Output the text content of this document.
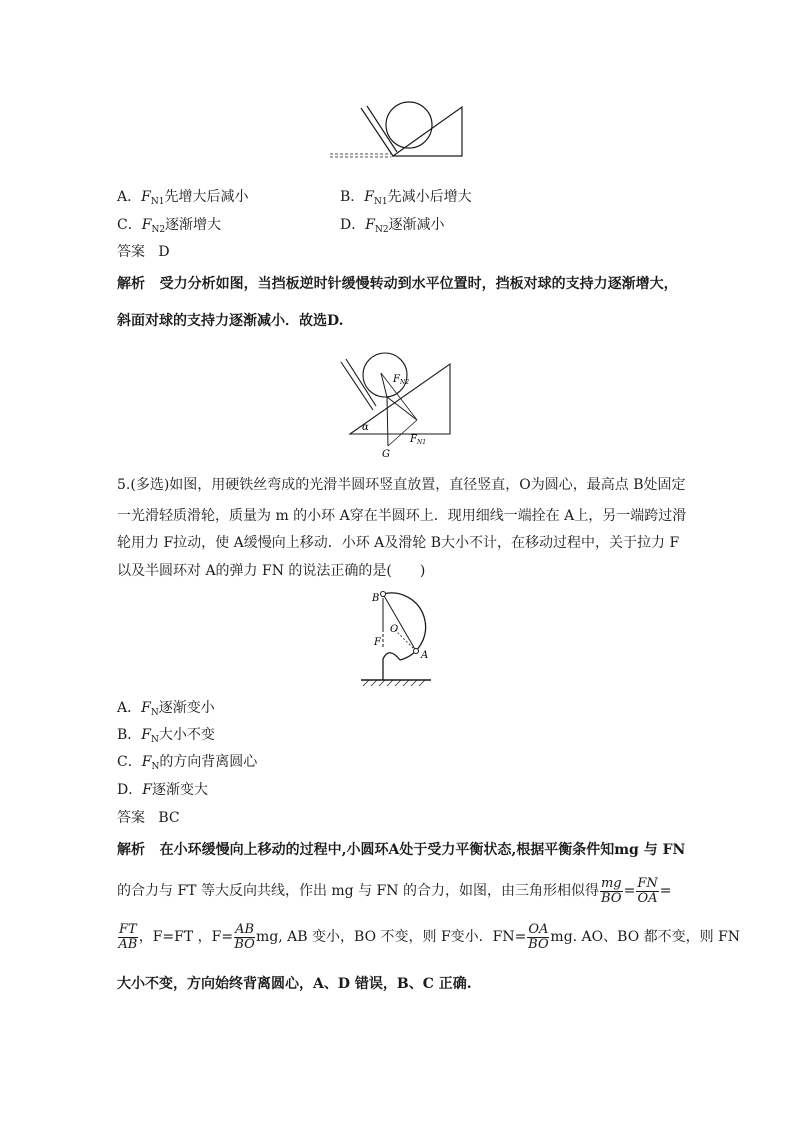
A．$F_{N1}$先增大后减小	B．$F_{N1}$先减小后增大
C．$F_{N2}$逐渐增大	D．$F_{N2}$逐渐减小
答案 D
解析 受力分析如图，当挡板逆时针缓慢转动到水平位置时，挡板对球的支持力逐渐增大，
斜面对球的支持力逐渐减小．故选D.
α
$F_{N2}$
$F_{N1}$
G
5.(多选)如图，用硬铁丝弯成的光滑半圆环竖直放置，直径竖直，O为圆心，最高点 B处固定
一光滑轻质滑轮，质量为 m 的小环 A穿在半圆环上．现用细线一端拴在 A上，另一端跨过滑
轮用力 F拉动，使 A缓慢向上移动．小环 A及滑轮 B大小不计，在移动过程中，关于拉力 F
以及半圆环对 A的弹力 FN 的说法正确的是(　　)
B
O
F
A
A．$F_N$逐渐变小
B．$F_N$大小不变
C．$F_N$的方向背离圆心
D．F逐渐变大
答案 BC
解析 在小环缓慢向上移动的过程中,小圆环A处于受力平衡状态,根据平衡条件知mg 与 FN
的合力与 FT 等大反向共线，作出 mg 与 FN 的合力，如图，由三角形相似得 $\frac{mg}{BO} = \frac{FN}{OA}$ =
$\frac{FT}{AB}$ ，F=FT ，$F= \frac{AB}{BO}$ mg, AB 变小，BO 不变，则 F变小．$FN= \frac{OA}{BO}$ mg. AO、BO 都不变，则 FN
大小不变，方向始终背离圆心，A、D 错误，B、C 正确.
